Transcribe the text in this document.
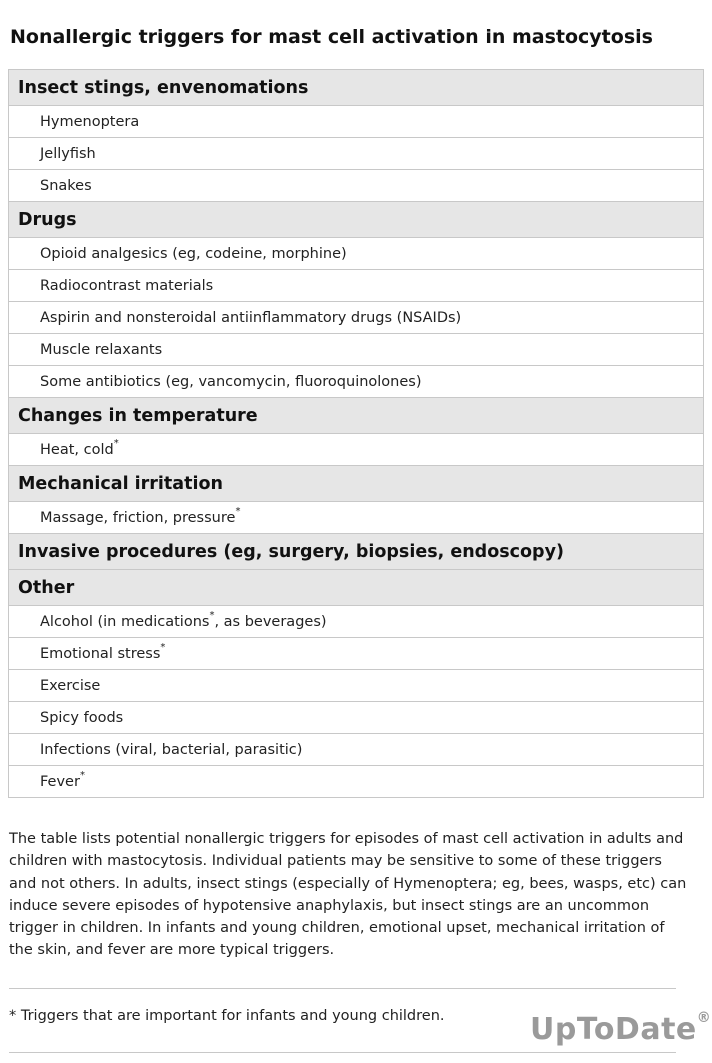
Nonallergic triggers for mast cell activation in mastocytosis
Insect stings, envenomations
Hymenoptera
Jellyfish
Snakes
Drugs
Opioid analgesics (eg, codeine, morphine)
Radiocontrast materials
Aspirin and nonsteroidal antiinflammatory drugs (NSAIDs)
Muscle relaxants
Some antibiotics (eg, vancomycin, fluoroquinolones)
Changes in temperature
Heat, cold*
Mechanical irritation
Massage, friction, pressure*
Invasive procedures (eg, surgery, biopsies, endoscopy)
Other
Alcohol (in medications*, as beverages)
Emotional stress*
Exercise
Spicy foods
Infections (viral, bacterial, parasitic)
Fever*
The table lists potential nonallergic triggers for episodes of mast cell activation in adults and children with mastocytosis. Individual patients may be sensitive to some of these triggers and not others. In adults, insect stings (especially of Hymenoptera; eg, bees, wasps, etc) can induce severe episodes of hypotensive anaphylaxis, but insect stings are an uncommon trigger in children. In infants and young children, emotional upset, mechanical irritation of the skin, and fever are more typical triggers.
* Triggers that are important for infants and young children.	UpToDate®
